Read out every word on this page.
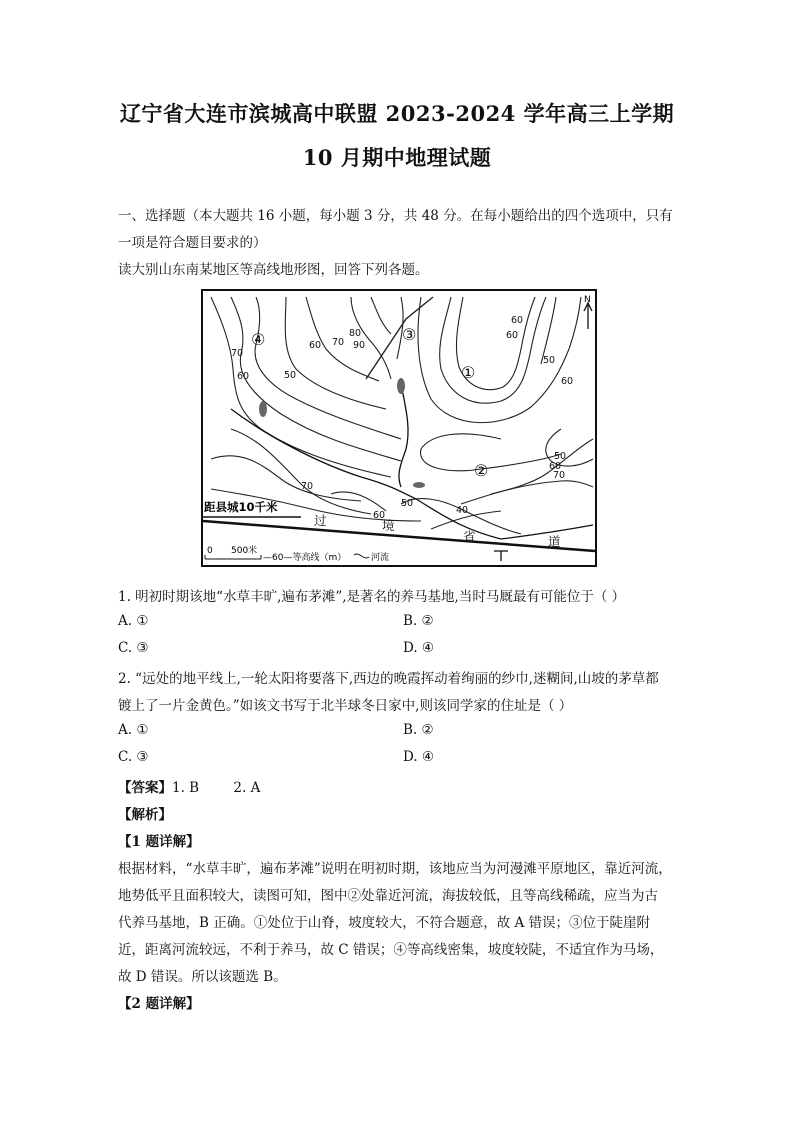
辽宁省大连市滨城高中联盟 2023-2024 学年高三上学期
10 月期中地理试题
一、选择题（本大题共 16 小题，每小题 3 分，共 48 分。在每小题给出的四个选项中，只有
一项是符合题目要求的）
读大别山东南某地区等高线地形图，回答下列各题。
N
④	③
①
②
70
60	50
60
80
70 90
60
60
50
60
50
60
70
70
50
60	40
距县城10千米
过	境
省	道
0 500米
—60—等高线（m）	河流
1. 明初时期该地“水草丰旷,遍布茅滩”,是著名的养马基地,当时马厩最有可能位于（ ）
A. ①	B. ②
C. ③	D. ④
2. “远处的地平线上,一轮太阳将要落下,西边的晚霞挥动着绚丽的纱巾,迷糊间,山坡的茅草都
镀上了一片金黄色。”如该文书写于北半球冬日家中,则该同学家的住址是（ ）
A. ①	B. ②
C. ③	D. ④
【答案】1. B        2. A
【解析】
【1 题详解】
根据材料，“水草丰旷，遍布茅滩”说明在明初时期，该地应当为河漫滩平原地区，靠近河流，
地势低平且面积较大，读图可知，图中②处靠近河流，海拔较低，且等高线稀疏，应当为古
代养马基地，B 正确。①处位于山脊，坡度较大，不符合题意，故 A 错误；③位于陡崖附
近，距离河流较远，不利于养马，故 C 错误；④等高线密集，坡度较陡，不适宜作为马场，
故 D 错误。所以该题选 B。
【2 题详解】
